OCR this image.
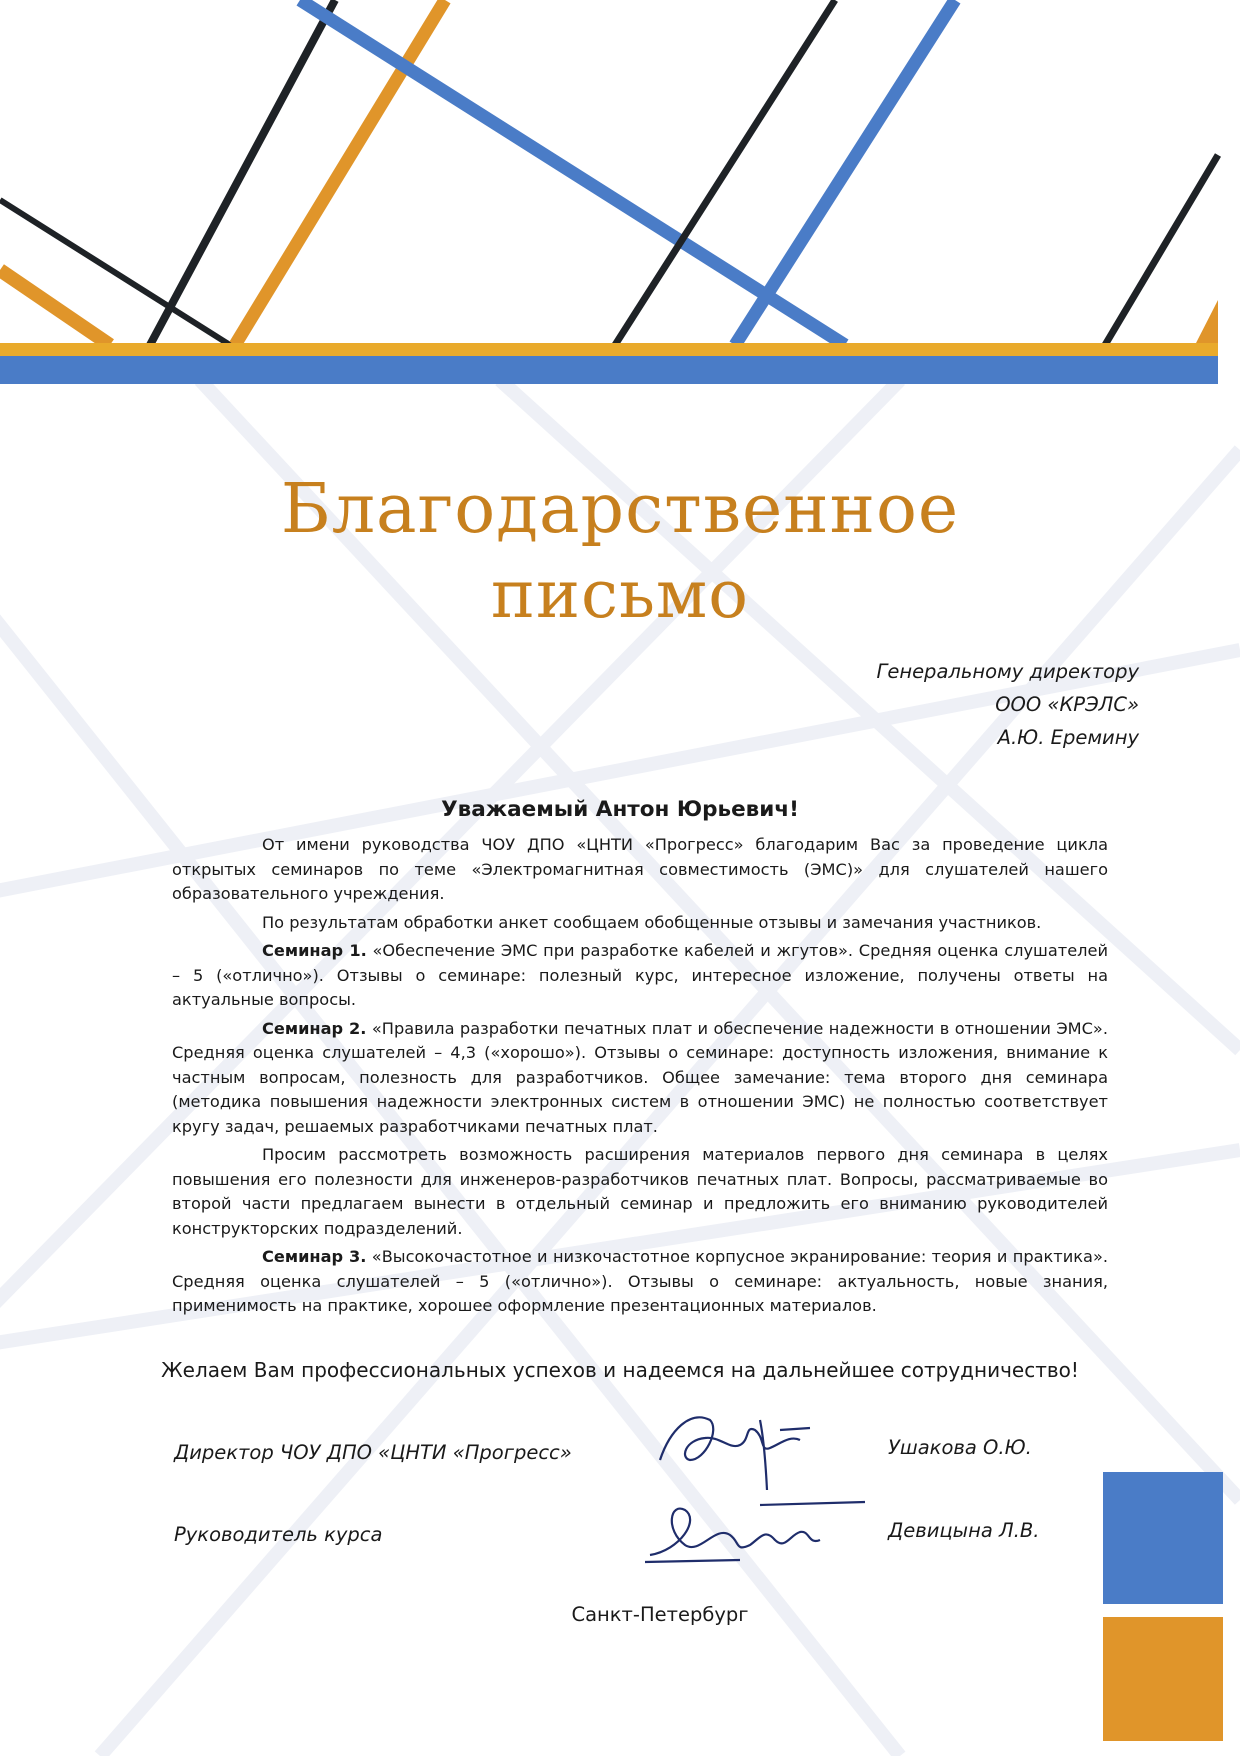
Благодарственное
письмо
Генеральному директору
ООО «КРЭЛС»
А.Ю. Еремину
Уважаемый Антон Юрьевич!

От имени руководства ЧОУ ДПО «ЦНТИ «Прогресс» благодарим Вас за проведение цикла открытых семинаров по теме «Электромагнитная совместимость (ЭМС)» для слушателей нашего образовательного учреждения.

По результатам обработки анкет сообщаем обобщенные отзывы и замечания участников.

Семинар 1. «Обеспечение ЭМС при разработке кабелей и жгутов». Средняя оценка слушателей – 5 («отлично»). Отзывы о семинаре: полезный курс, интересное изложение, получены ответы на актуальные вопросы.

Семинар 2. «Правила разработки печатных плат и обеспечение надежности в отношении ЭМС». Средняя оценка слушателей – 4,3 («хорошо»). Отзывы о семинаре: доступность изложения, внимание к частным вопросам, полезность для разработчиков. Общее замечание: тема второго дня семинара (методика повышения надежности электронных систем в отношении ЭМС) не полностью соответствует кругу задач, решаемых разработчиками печатных плат.

Просим рассмотреть возможность расширения материалов первого дня семинара в целях повышения его полезности для инженеров-разработчиков печатных плат. Вопросы, рассматриваемые во второй части предлагаем вынести в отдельный семинар и предложить его вниманию руководителей конструкторских подразделений.

Семинар 3. «Высокочастотное и низкочастотное корпусное экранирование: теория и практика». Средняя оценка слушателей – 5 («отлично»). Отзывы о семинаре: актуальность, новые знания, применимость на практике, хорошее оформление презентационных материалов.

Желаем Вам профессиональных успехов и надеемся на дальнейшее сотрудничество!
Директор ЧОУ ДПО «ЦНТИ «Прогресс»	Ушакова О.Ю.
Руководитель курса	Девицына Л.В.
Санкт-Петербург
